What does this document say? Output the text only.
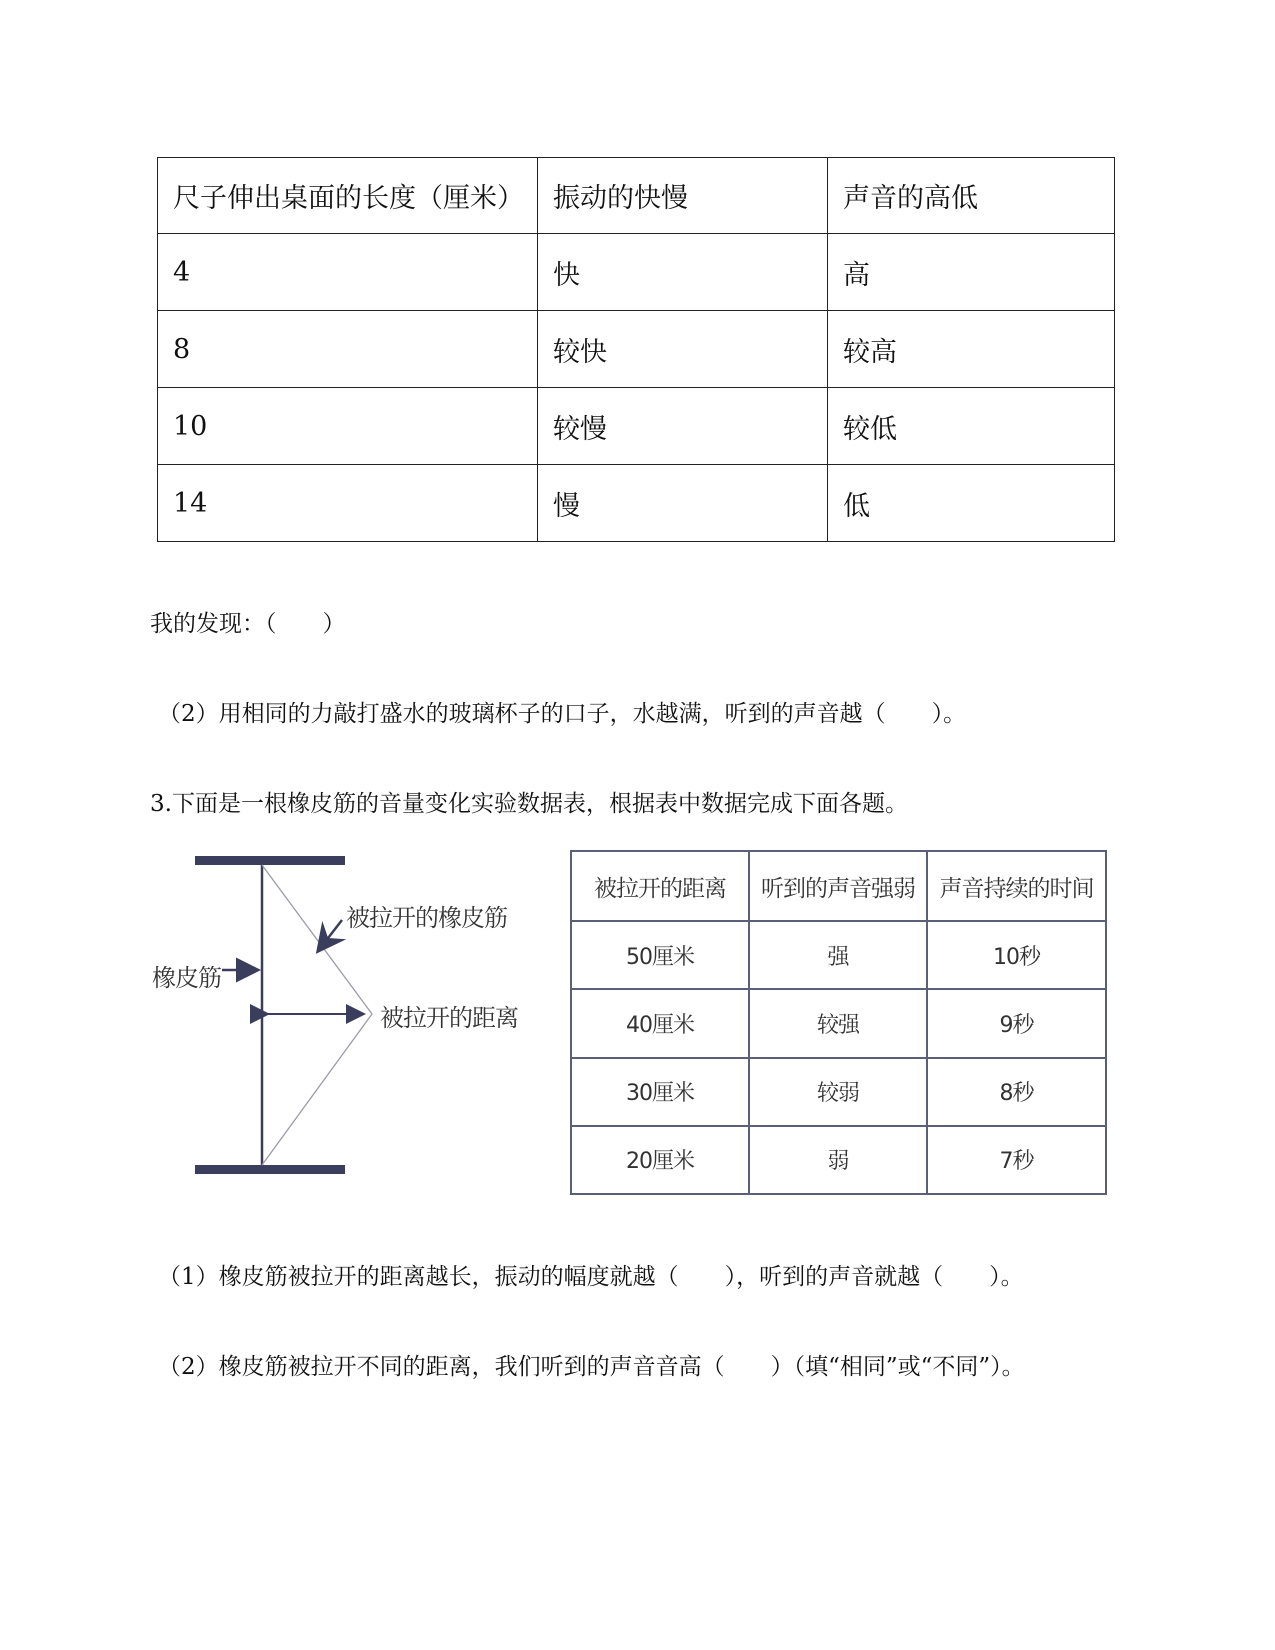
尺子伸出桌面的长度（厘米）	振动的快慢	声音的高低
4	快	高
8	较快	较高
10	较慢	较低
14	慢	低
我的发现：（　　）
（2）用相同的力敲打盛水的玻璃杯子的口子，水越满，听到的声音越（　　）。
3.下面是一根橡皮筋的音量变化实验数据表，根据表中数据完成下面各题。
被拉开的橡皮筋
橡皮筋
被拉开的距离
被拉开的距离	听到的声音强弱	声音持续的时间
50厘米	强	10秒
40厘米	较强	9秒
30厘米	较弱	8秒
20厘米	弱	7秒
（1）橡皮筋被拉开的距离越长，振动的幅度就越（　　），听到的声音就越（　　）。
（2）橡皮筋被拉开不同的距离，我们听到的声音音高（　　）（填“相同”或“不同”）。
